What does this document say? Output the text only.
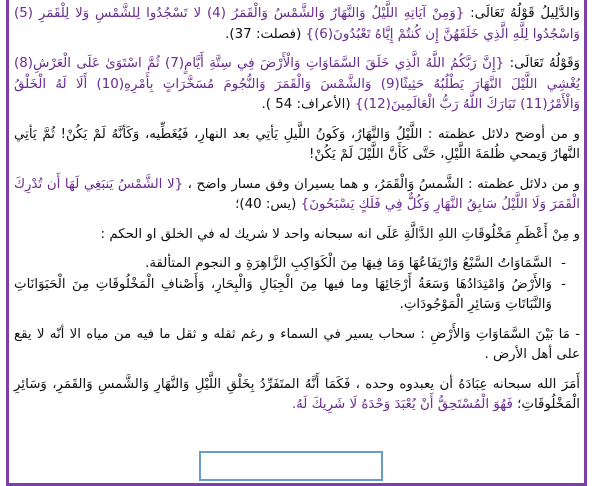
وَالدَّلِيلُ قَوْلُهُ تَعَالَى: {وَمِنْ آيَاتِهِ اللَّيْلُ وَالنَّهَارُ وَالشَّمْسُ وَالْقَمَرُ (4) لا تَسْجُدُوا لِلشَّمْسِ وَلا لِلْقَمَرِ (5) وَاسْجُدُوا لِلَّهِ الَّذِي خَلَقَهُنَّ إِن كُنتُمْ إِيَّاهُ تَعْبُدُونَ(6)} (فصلت: 37).

وَقَوْلُهُ تَعَالَى: {إِنَّ رَبَّكُمُ اللَّهُ الَّذِي خَلَقَ السَّمَاوَاتِ وَالْأَرْضَ فِي سِتَّةِ أَيَّامٍ(7) ثُمَّ اسْتَوَىٰ عَلَى الْعَرْشِ(8) يُغْشِي اللَّيْلَ النَّهَارَ يَطْلُبُهُ حَثِيثًا(9) وَالشَّمْسَ وَالْقَمَرَ وَالنُّجُومَ مُسَخَّرَاتٍ بِأَمْرِهِ(10) أَلَا لَهُ الْخَلْقُ وَالْأَمْرُ(11) تَبَارَكَ اللَّهُ رَبُّ الْعَالَمِينَ(12)} (الأعراف: 54 ).

و من أوضح دلائل عظمته : اللَّيْلُ وَالنَّهَارُ، وَكَونُ اللَّيلِ يَأتِي بعد النهارِ، فَيُغَطِّيه، وَكَأنَّهُ لَمْ يَكُنْ! ثُمَّ يَأتِي النَّهارُ وَيمحي ظُلمَةَ اللَّيْلِ، حَتَّى كَأَنَّ اللَّيْلَ لَمْ يَكُنْ!

و من دلائل عظمته : الشَّمسُ وَالْقَمَرُ، و هما يسيران وفق مسار واضح ، {لا الشَّمْسُ يَنبَغِي لَهَا أَن تُدْرِكَ الْقَمَرَ وَلَا اللَّيْلُ سَابِقُ النَّهَارِ وَكُلٌّ فِي فَلَكٍ يَسْبَحُونَ} (يس: 40)؛

و مِنْ أَعْظَمِ مَخْلُوقَاتِ اللهِ الدَّالَّةِ عَلَى انه سبحانه واحد لا شريك له في الخلق او الحكم :

-
السَّمَاوَاتُ السَّبْعُ وَارْتِفَاعُهَا وَمَا فِيهَا مِنَ الْكَوَاكِبِ الزَّاهِرَةِ و النجوم المتألقة.

-
وَالأَرْضُ وَامْتِدَادُهَا وَسَعَةُ أَرْجَائِهَا وما فيها مِنَ الْجِبَالِ وَالْبِحَارِ، وَأَصْنافِ الْمَخْلُوقَاتِ مِنَ الْحَيَوَانَاتِ وَالنَّبَاتَاتِ وَسَائِرِ الْمَوْجُودَاتِ.

- مَا بَيْنَ السَّمَاوَاتِ وَالأَرْضِ : سحاب يسير في السماء و رغم ثقله و ثقل ما فيه من مياه الا أنّه لا يقع على أهل الأرض .

أَمَرَ الله سبحانه عِبَادَهُ أن يعبدوه وحده ، فَكَمَا أَنَّهُ المتَفَرِّدُ بِخَلْقِ اللَّيْلِ وَالنَّهَارِ وَالشَّمسِ وَالقَمَرِ، وَسَائِرِ الْمَخْلُوقَاتِ؛ فَهُوَ الْمُسْتَحِقُّ أَنْ يُعْبَدَ وَحْدَهُ لَا شَرِيكَ لَهُ.
